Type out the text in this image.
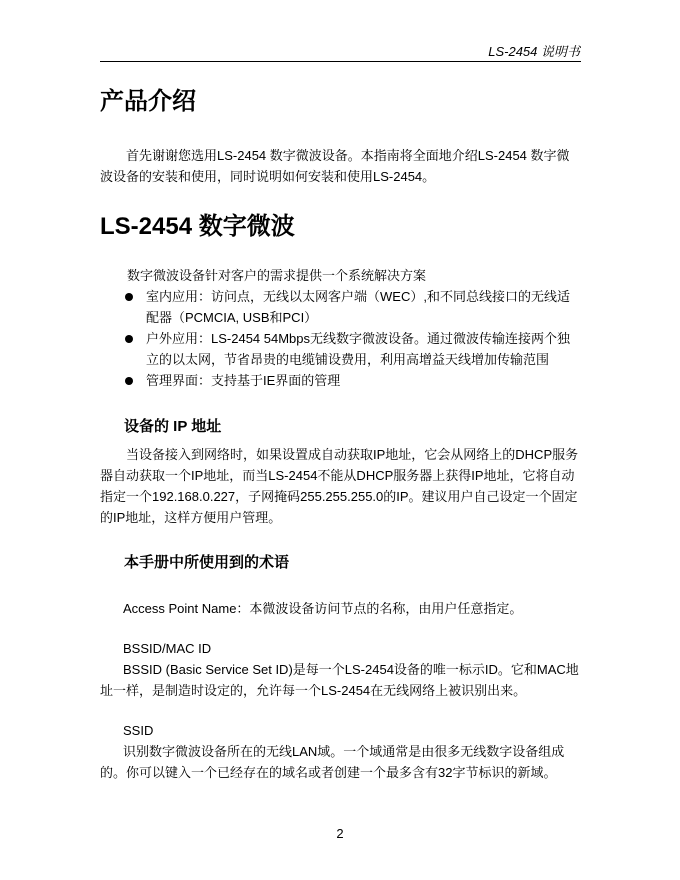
LS-2454 说明书
产品介绍

首先谢谢您选用LS-2454 数字微波设备。本指南将全面地介绍LS-2454 数字微波设备的安装和使用，同时说明如何安装和使用LS-2454。

LS-2454 数字微波

数字微波设备针对客户的需求提供一个系统解决方案

室内应用：访问点，无线以太网客户端（WEC）,和不同总线接口的无线适配器（PCMCIA, USB和PCI）
户外应用：LS-2454 54Mbps无线数字微波设备。通过微波传输连接两个独立的以太网，节省昂贵的电缆铺设费用，利用高增益天线增加传输范围
管理界面：支持基于IE界面的管理
设备的 IP 地址

当设备接入到网络时，如果设置成自动获取IP地址，它会从网络上的DHCP服务器自动获取一个IP地址，而当LS-2454不能从DHCP服务器上获得IP地址，它将自动指定一个192.168.0.227，子网掩码255.255.255.0的IP。建议用户自己设定一个固定的IP地址，这样方便用户管理。

本手册中所使用到的术语

Access Point Name：本微波设备访问节点的名称，由用户任意指定。

BSSID/MAC ID

BSSID (Basic Service Set ID)是每一个LS-2454设备的唯一标示ID。它和MAC地址一样，是制造时设定的，允许每一个LS-2454在无线网络上被识别出来。

SSID

识别数字微波设备所在的无线LAN域。一个域通常是由很多无线数字设备组成的。你可以键入一个已经存在的域名或者创建一个最多含有32字节标识的新域。

2
